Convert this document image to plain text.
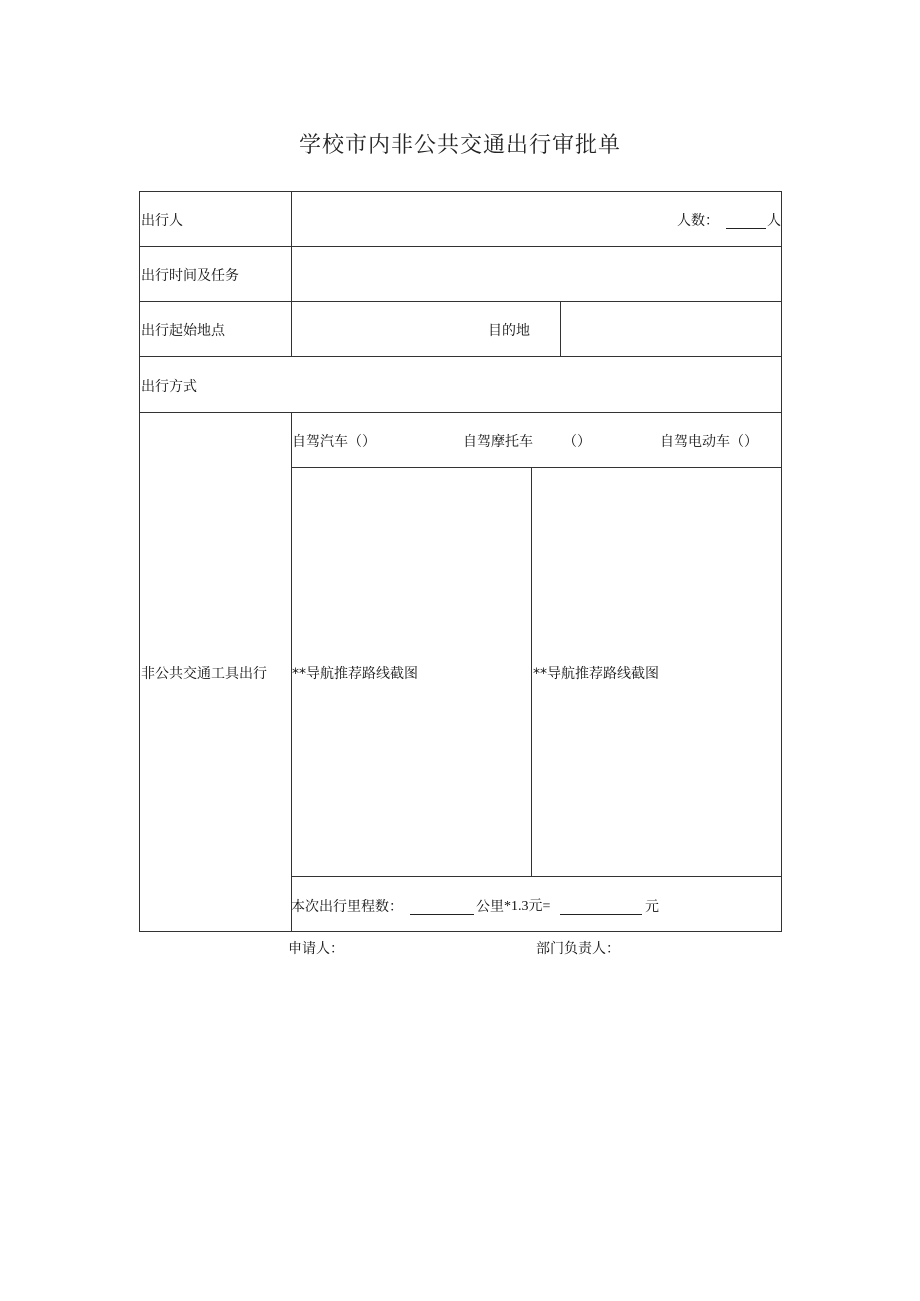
学校市内非公共交通出行审批单
出行人	人数：	人
出行时间及任务
出行起始地点	目的地
出行方式
非公共交通工具出行
自驾汽车（）	自驾摩托车 （）	自驾电动车（）
**导航推荐路线截图	**导航推荐路线截图
本次出行里程数：	公里 *1.3元=	元
申请人：	部门负责人：
